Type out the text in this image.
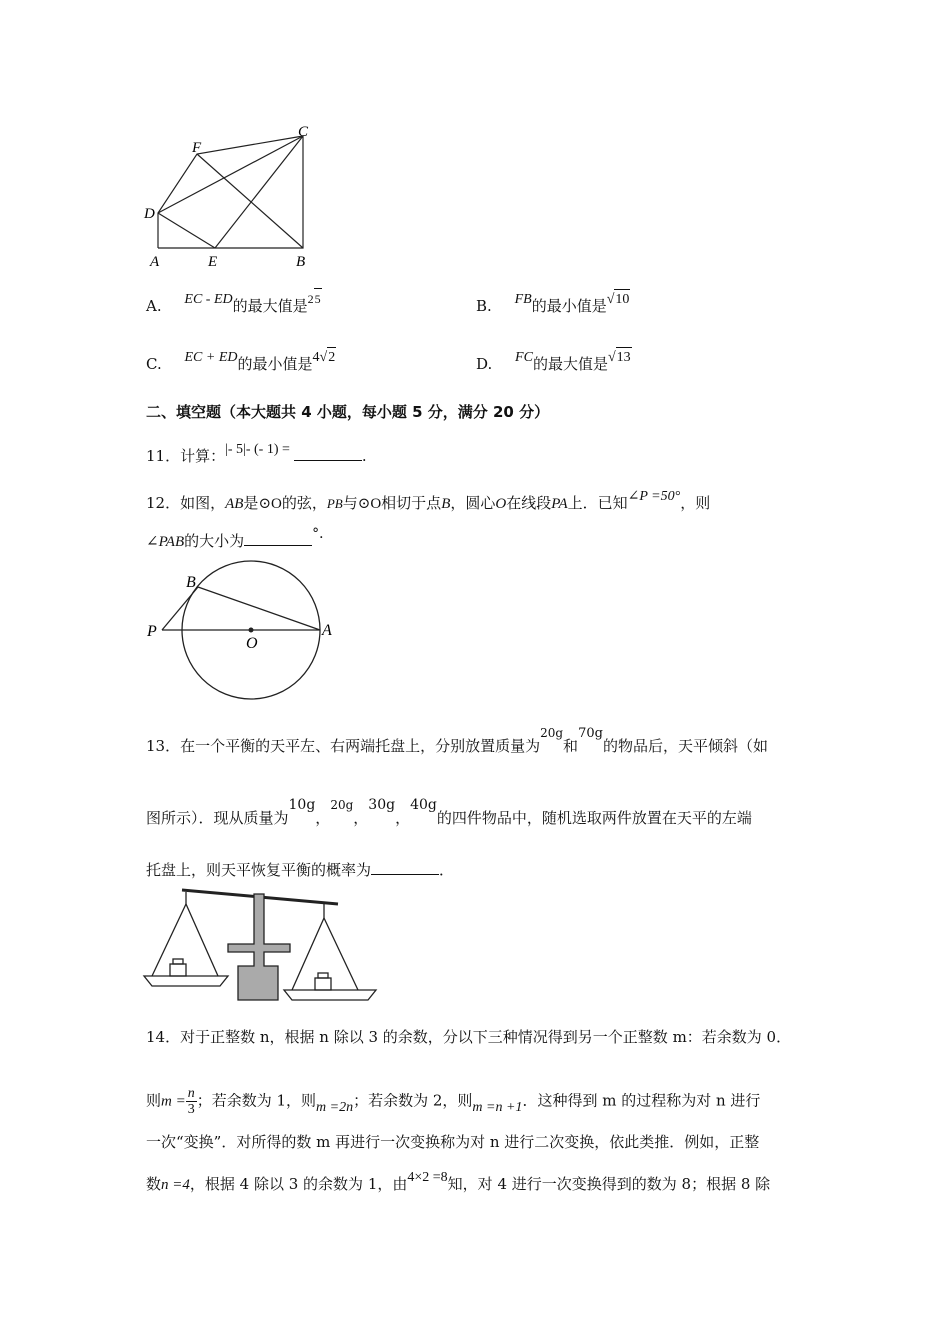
F
C
D
A	E	B
A. EC - ED的最大值是$^{25}$	B. FB的最小值是√10
C. EC + ED的最小值是4√2	D. FC的最大值是√13
二、填空题（本大题共 4 小题，每小题 5 分，满分 20 分）
11．计算：|- 5|- (- 1) =	.
12．如图，AB是⊙O的弦，PB与⊙O相切于点B，圆心O在线段PA上．已知∠P =50°，则
∠PAB的大小为	°．
B
P
O
A
13．在一个平衡的天平左、右两端托盘上，分别放置质量为$^{20g}$和70g的物品后，天平倾斜（如
图所示）．现从质量为10g，$^{20g}$，30g，40g的四件物品中，随机选取两件放置在天平的左端
托盘上，则天平恢复平衡的概率为	．
14．对于正整数 n，根据 n 除以 3 的余数，分以下三种情况得到另一个正整数 m：若余数为 0．
则$m = \frac{n}{3}$ ；若余数为 1，则m =2n；若余数为 2，则m =n +1．这种得到 m 的过程称为对 n 进行
一次“变换”．对所得的数 m 再进行一次变换称为对 n 进行二次变换，依此类推．例如，正整
数n =4，根据 4 除以 3 的余数为 1，由4×2 =8知，对 4 进行一次变换得到的数为 8；根据 8 除
